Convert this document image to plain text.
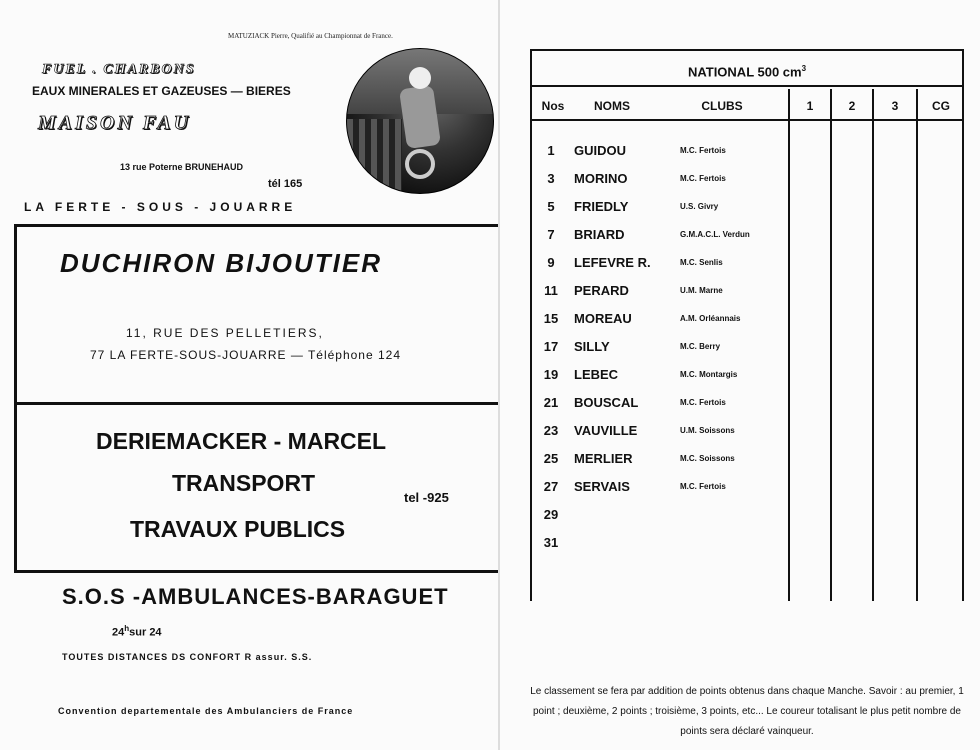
MATUZIACK Pierre, Qualifié au Championnat de France.
FUEL . CHARBONS
EAUX MINERALES ET GAZEUSES — BIERES
MAISON FAU
13 rue Poterne BRUNEHAUD
tél 165
LA FERTE - SOUS - JOUARRE
DUCHIRON BIJOUTIER
11, RUE DES PELLETIERS,
77 LA FERTE-SOUS-JOUARRE — Téléphone 124
DERIEMACKER - MARCEL
TRANSPORT
TRAVAUX PUBLICS
tel -925
S.O.S -AMBULANCES-BARAGUET
24$^h$sur 24
TOUTES DISTANCES DS CONFORT R assur. S.S.
Convention departementale des Ambulanciers de France
NATIONAL 500 $cm^3$
Nos	NOMS	CLUBS	1	2	3	CG
1	GUIDOU	M.C. Fertois
3	MORINO	M.C. Fertois
5	FRIEDLY	U.S. Givry
7	BRIARD	G.M.A.C.L. Verdun
9	LEFEVRE R.	M.C. Senlis
11	PERARD	U.M. Marne
15 MOREAU	A.M. Orléannais
17 SILLY	M.C. Berry
19 LEBEC	M.C. Montargis
21 BOUSCAL	M.C. Fertois
23 VAUVILLE	U.M. Soissons
25 MERLIER	M.C. Soissons
27 SERVAIS	M.C. Fertois
29
31
Le classement se fera par addition de points obtenus dans chaque Manche. Savoir : au premier, 1 point ; deuxième, 2 points ; troisième, 3 points, etc... Le coureur totalisant le plus petit nombre de points sera déclaré vainqueur.
